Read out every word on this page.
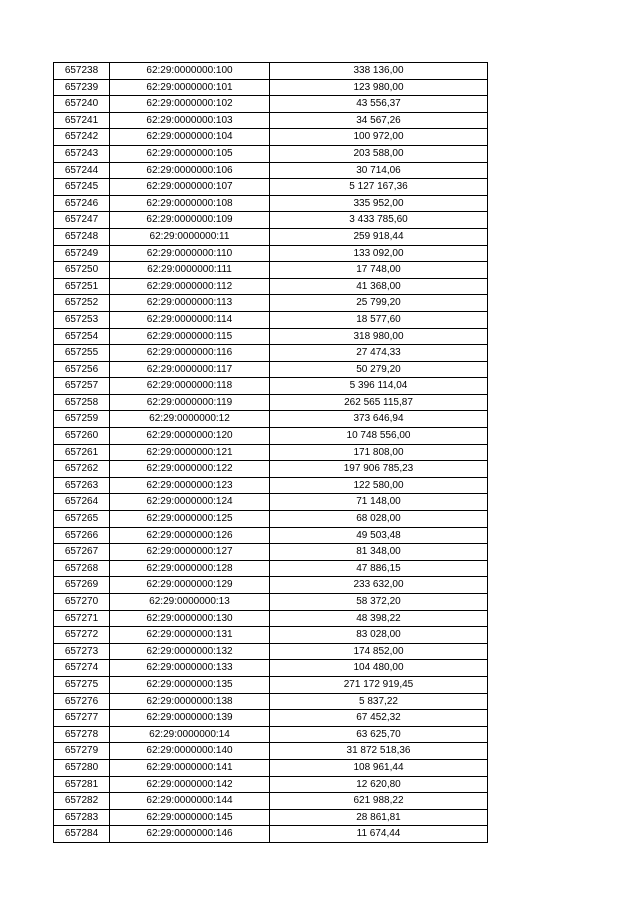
657238	62:29:0000000:100	338 136,00
657239	62:29:0000000:101	123 980,00
657240	62:29:0000000:102	43 556,37
657241	62:29:0000000:103	34 567,26
657242	62:29:0000000:104	100 972,00
657243	62:29:0000000:105	203 588,00
657244	62:29:0000000:106	30 714,06
657245	62:29:0000000:107	5 127 167,36
657246	62:29:0000000:108	335 952,00
657247	62:29:0000000:109	3 433 785,60
657248	62:29:0000000:11	259 918,44
657249	62:29:0000000:110	133 092,00
657250	62:29:0000000:111	17 748,00
657251	62:29:0000000:112	41 368,00
657252	62:29:0000000:113	25 799,20
657253	62:29:0000000:114	18 577,60
657254	62:29:0000000:115	318 980,00
657255	62:29:0000000:116	27 474,33
657256	62:29:0000000:117	50 279,20
657257	62:29:0000000:118	5 396 114,04
657258	62:29:0000000:119	262 565 115,87
657259	62:29:0000000:12	373 646,94
657260	62:29:0000000:120	10 748 556,00
657261	62:29:0000000:121	171 808,00
657262	62:29:0000000:122	197 906 785,23
657263	62:29:0000000:123	122 580,00
657264	62:29:0000000:124	71 148,00
657265	62:29:0000000:125	68 028,00
657266	62:29:0000000:126	49 503,48
657267	62:29:0000000:127	81 348,00
657268	62:29:0000000:128	47 886,15
657269	62:29:0000000:129	233 632,00
657270	62:29:0000000:13	58 372,20
657271	62:29:0000000:130	48 398,22
657272	62:29:0000000:131	83 028,00
657273	62:29:0000000:132	174 852,00
657274	62:29:0000000:133	104 480,00
657275	62:29:0000000:135	271 172 919,45
657276	62:29:0000000:138	5 837,22
657277	62:29:0000000:139	67 452,32
657278	62:29:0000000:14	63 625,70
657279	62:29:0000000:140	31 872 518,36
657280	62:29:0000000:141	108 961,44
657281	62:29:0000000:142	12 620,80
657282	62:29:0000000:144	621 988,22
657283	62:29:0000000:145	28 861,81
657284	62:29:0000000:146	11 674,44
